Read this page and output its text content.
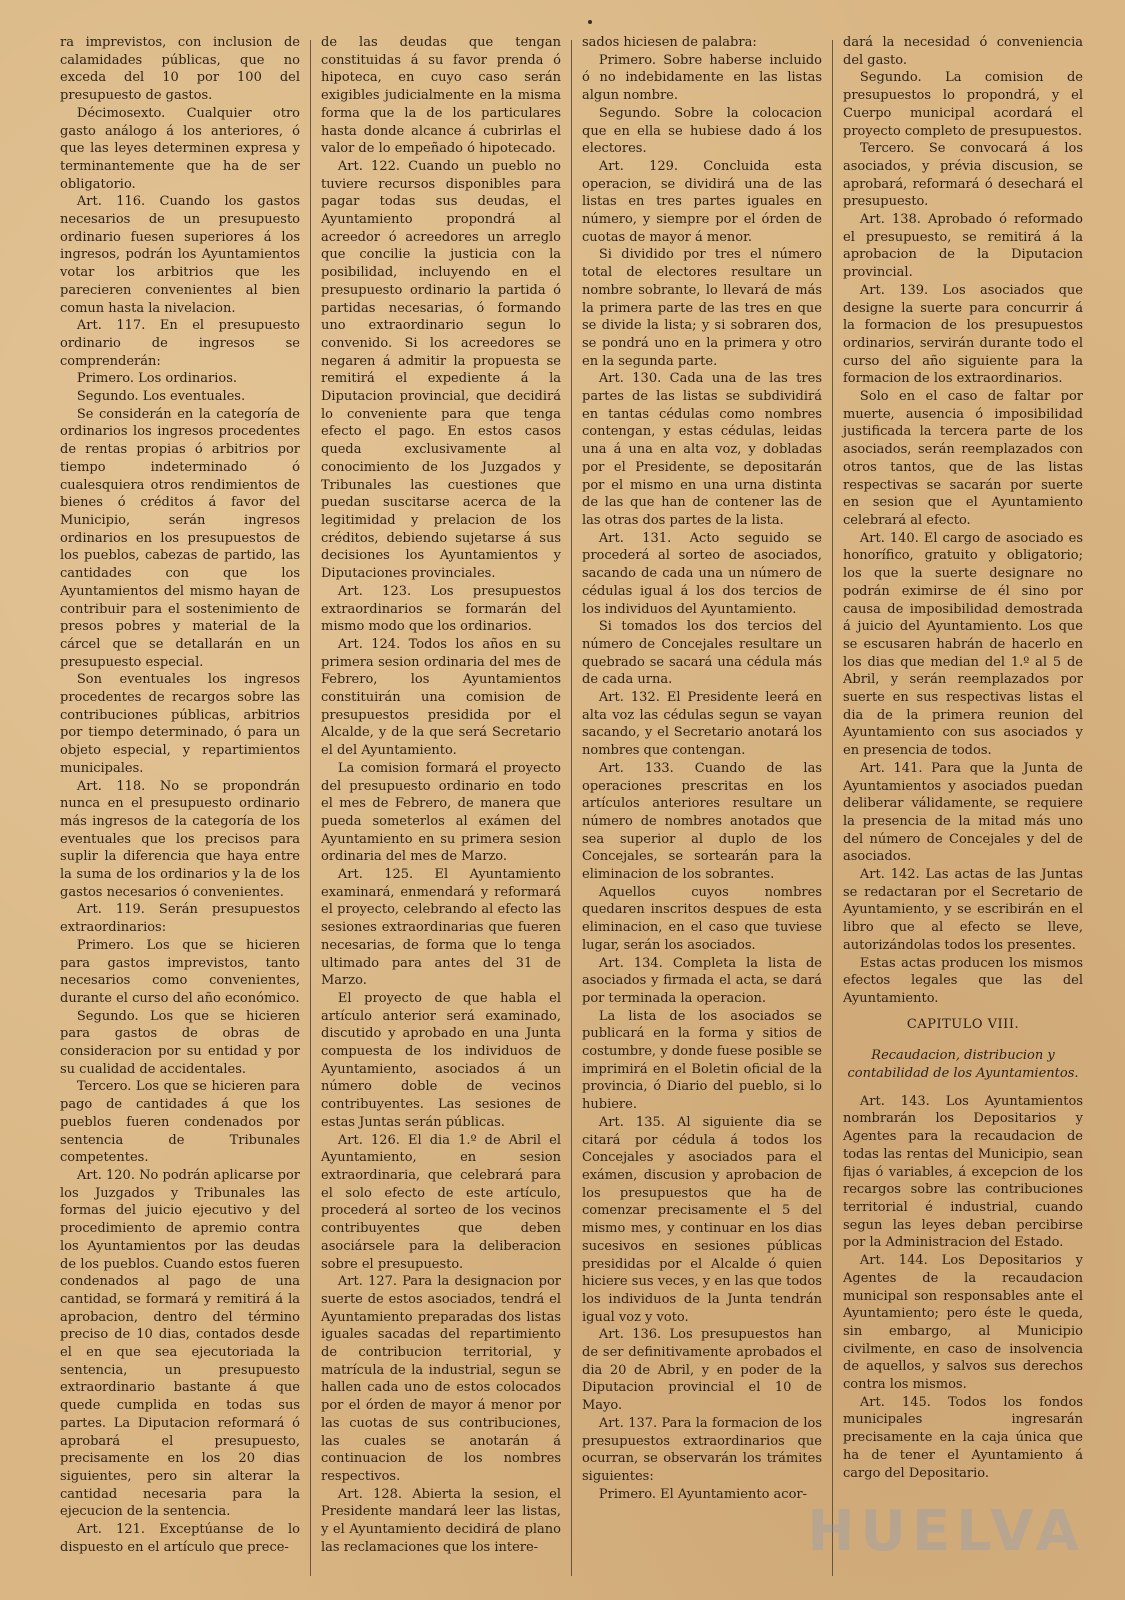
ra imprevistos, con inclusion de calamidades públicas, que no exceda del 10 por 100 del presupuesto de gastos.

Décimosexto. Cualquier otro gasto análogo á los anteriores, ó que las leyes determinen expresa y terminantemente que ha de ser obligatorio.

Art. 116. Cuando los gastos necesarios de un presupuesto ordinario fuesen superiores á los ingresos, podrán los Ayuntamientos votar los arbitrios que les parecieren convenientes al bien comun hasta la nivelacion.

Art. 117. En el presupuesto ordinario de ingresos se comprenderán:

Primero. Los ordinarios.

Segundo. Los eventuales.

Se considerán en la categoría de ordinarios los ingresos procedentes de rentas propias ó arbitrios por tiempo indeterminado ó cualesquiera otros rendimientos de bienes ó créditos á favor del Municipio, serán ingresos ordinarios en los presupuestos de los pueblos, cabezas de partido, las cantidades con que los Ayuntamientos del mismo hayan de contribuir para el sostenimiento de presos pobres y material de la cárcel que se detallarán en un presupuesto especial.

Son eventuales los ingresos procedentes de recargos sobre las contribuciones públicas, arbitrios por tiempo determinado, ó para un objeto especial, y repartimientos municipales.

Art. 118. No se propondrán nunca en el presupuesto ordinario más ingresos de la categoría de los eventuales que los precisos para suplir la diferencia que haya entre la suma de los ordinarios y la de los gastos necesarios ó convenientes.

Art. 119. Serán presupuestos extraordinarios:

Primero. Los que se hicieren para gastos imprevistos, tanto necesarios como convenientes, durante el curso del año económico.

Segundo. Los que se hicieren para gastos de obras de consideracion por su entidad y por su cualidad de accidentales.

Tercero. Los que se hicieren para pago de cantidades á que los pueblos fueren condenados por sentencia de Tribunales competentes.

Art. 120. No podrán aplicarse por los Juzgados y Tribunales las formas del juicio ejecutivo y del procedimiento de apremio contra los Ayuntamientos por las deudas de los pueblos. Cuando estos fueren condenados al pago de una cantidad, se formará y remitirá á la aprobacion, dentro del término preciso de 10 dias, contados desde el en que sea ejecutoriada la sentencia, un presupuesto extraordinario bastante á que quede cumplida en todas sus partes. La Diputacion reformará ó aprobará el presupuesto, precisamente en los 20 dias siguientes, pero sin alterar la cantidad necesaria para la ejecucion de la sentencia.

Art. 121. Exceptúanse de lo dispuesto en el artículo que prece-

de las deudas que tengan constituidas á su favor prenda ó hipoteca, en cuyo caso serán exigibles judicialmente en la misma forma que la de los particulares hasta donde alcance á cubrirlas el valor de lo empeñado ó hipotecado.

Art. 122. Cuando un pueblo no tuviere recursos disponibles para pagar todas sus deudas, el Ayuntamiento propondrá al acreedor ó acreedores un arreglo que concilie la justicia con la posibilidad, incluyendo en el presupuesto ordinario la partida ó partidas necesarias, ó formando uno extraordinario segun lo convenido. Si los acreedores se negaren á admitir la propuesta se remitirá el expediente á la Diputacion provincial, que decidirá lo conveniente para que tenga efecto el pago. En estos casos queda exclusivamente al conocimiento de los Juzgados y Tribunales las cuestiones que puedan suscitarse acerca de la legitimidad y prelacion de los créditos, debiendo sujetarse á sus decisiones los Ayuntamientos y Diputaciones provinciales.

Art. 123. Los presupuestos extraordinarios se formarán del mismo modo que los ordinarios.

Art. 124. Todos los años en su primera sesion ordinaria del mes de Febrero, los Ayuntamientos constituirán una comision de presupuestos presidida por el Alcalde, y de la que será Secretario el del Ayuntamiento.

La comision formará el proyecto del presupuesto ordinario en todo el mes de Febrero, de manera que pueda someterlos al exámen del Ayuntamiento en su primera sesion ordinaria del mes de Marzo.

Art. 125. El Ayuntamiento examinará, enmendará y reformará el proyecto, celebrando al efecto las sesiones extraordinarias que fueren necesarias, de forma que lo tenga ultimado para antes del 31 de Marzo.

El proyecto de que habla el artículo anterior será examinado, discutido y aprobado en una Junta compuesta de los individuos de Ayuntamiento, asociados á un número doble de vecinos contribuyentes. Las sesiones de estas Juntas serán públicas.

Art. 126. El dia 1.º de Abril el Ayuntamiento, en sesion extraordinaria, que celebrará para el solo efecto de este artículo, procederá al sorteo de los vecinos contribuyentes que deben asociársele para la deliberacion sobre el presupuesto.

Art. 127. Para la designacion por suerte de estos asociados, tendrá el Ayuntamiento preparadas dos listas iguales sacadas del repartimiento de contribucion territorial, y matrícula de la industrial, segun se hallen cada uno de estos colocados por el órden de mayor á menor por las cuotas de sus contribuciones, las cuales se anotarán á continuacion de los nombres respectivos.

Art. 128. Abierta la sesion, el Presidente mandará leer las listas, y el Ayuntamiento decidirá de plano las reclamaciones que los intere-

sados hiciesen de palabra:

Primero. Sobre haberse incluido ó no indebidamente en las listas algun nombre.

Segundo. Sobre la colocacion que en ella se hubiese dado á los electores.

Art. 129. Concluida esta operacion, se dividirá una de las listas en tres partes iguales en número, y siempre por el órden de cuotas de mayor á menor.

Si dividido por tres el número total de electores resultare un nombre sobrante, lo llevará de más la primera parte de las tres en que se divide la lista; y si sobraren dos, se pondrá uno en la primera y otro en la segunda parte.

Art. 130. Cada una de las tres partes de las listas se subdividirá en tantas cédulas como nombres contengan, y estas cédulas, leidas una á una en alta voz, y dobladas por el Presidente, se depositarán por el mismo en una urna distinta de las que han de contener las de las otras dos partes de la lista.

Art. 131. Acto seguido se procederá al sorteo de asociados, sacando de cada una un número de cédulas igual á los dos tercios de los individuos del Ayuntamiento.

Si tomados los dos tercios del número de Concejales resultare un quebrado se sacará una cédula más de cada urna.

Art. 132. El Presidente leerá en alta voz las cédulas segun se vayan sacando, y el Secretario anotará los nombres que contengan.

Art. 133. Cuando de las operaciones prescritas en los artículos anteriores resultare un número de nombres anotados que sea superior al duplo de los Concejales, se sortearán para la eliminacion de los sobrantes.

Aquellos cuyos nombres quedaren inscritos despues de esta eliminacion, en el caso que tuviese lugar, serán los asociados.

Art. 134. Completa la lista de asociados y firmada el acta, se dará por terminada la operacion.

La lista de los asociados se publicará en la forma y sitios de costumbre, y donde fuese posible se imprimirá en el Boletin oficial de la provincia, ó Diario del pueblo, si lo hubiere.

Art. 135. Al siguiente dia se citará por cédula á todos los Concejales y asociados para el exámen, discusion y aprobacion de los presupuestos que ha de comenzar precisamente el 5 del mismo mes, y continuar en los dias sucesivos en sesiones públicas presididas por el Alcalde ó quien hiciere sus veces, y en las que todos los individuos de la Junta tendrán igual voz y voto.

Art. 136. Los presupuestos han de ser definitivamente aprobados el dia 20 de Abril, y en poder de la Diputacion provincial el 10 de Mayo.

Art. 137. Para la formacion de los presupuestos extraordinarios que ocurran, se observarán los trámites siguientes:

Primero. El Ayuntamiento acor-

dará la necesidad ó conveniencia del gasto.

Segundo. La comision de presupuestos lo propondrá, y el Cuerpo municipal acordará el proyecto completo de presupuestos.

Tercero. Se convocará á los asociados, y prévia discusion, se aprobará, reformará ó desechará el presupuesto.

Art. 138. Aprobado ó reformado el presupuesto, se remitirá á la aprobacion de la Diputacion provincial.

Art. 139. Los asociados que designe la suerte para concurrir á la formacion de los presupuestos ordinarios, servirán durante todo el curso del año siguiente para la formacion de los extraordinarios.

Solo en el caso de faltar por muerte, ausencia ó imposibilidad justificada la tercera parte de los asociados, serán reemplazados con otros tantos, que de las listas respectivas se sacarán por suerte en sesion que el Ayuntamiento celebrará al efecto.

Art. 140. El cargo de asociado es honorífico, gratuito y obligatorio; los que la suerte designare no podrán eximirse de él sino por causa de imposibilidad demostrada á juicio del Ayuntamiento. Los que se escusaren habrán de hacerlo en los dias que median del 1.º al 5 de Abril, y serán reemplazados por suerte en sus respectivas listas el dia de la primera reunion del Ayuntamiento con sus asociados y en presencia de todos.

Art. 141. Para que la Junta de Ayuntamientos y asociados puedan deliberar válidamente, se requiere la presencia de la mitad más uno del número de Concejales y del de asociados.

Art. 142. Las actas de las Juntas se redactaran por el Secretario de Ayuntamiento, y se escribirán en el libro que al efecto se lleve, autorizándolas todos los presentes.

Estas actas producen los mismos efectos legales que las del Ayuntamiento.

CAPITULO VIII.

Recaudacion, distribucion y contabilidad de los Ayuntamientos.

Art. 143. Los Ayuntamientos nombrarán los Depositarios y Agentes para la recaudacion de todas las rentas del Municipio, sean fijas ó variables, á excepcion de los recargos sobre las contribuciones territorial é industrial, cuando segun las leyes deban percibirse por la Administracion del Estado.

Art. 144. Los Depositarios y Agentes de la recaudacion municipal son responsables ante el Ayuntamiento; pero éste le queda, sin embargo, al Municipio civilmente, en caso de insolvencia de aquellos, y salvos sus derechos contra los mismos.

Art. 145. Todos los fondos municipales ingresarán precisamente en la caja única que ha de tener el Ayuntamiento á cargo del Depositario.

HUELVA
